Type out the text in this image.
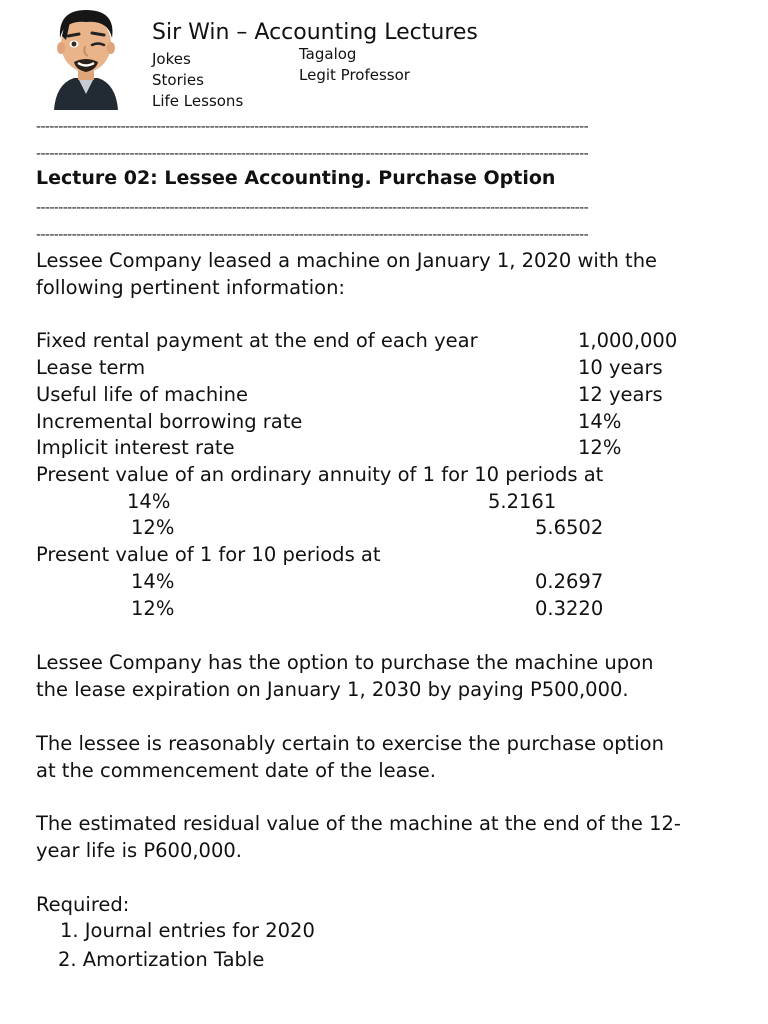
Sir Win – Accounting Lectures
Jokes
Stories
Life Lessons
Tagalog
Legit Professor
----------------------------------------------------------------------------------------------------------------------------
----------------------------------------------------------------------------------------------------------------------------
Lecture 02: Lessee Accounting. Purchase Option
----------------------------------------------------------------------------------------------------------------------------
----------------------------------------------------------------------------------------------------------------------------
Lessee Company leased a machine on January 1, 2020 with the
following pertinent information:
Fixed rental payment at the end of each year	1,000,000
Lease term	10 years
Useful life of machine	12 years
Incremental borrowing rate	14%
Implicit interest rate	12%
Present value of an ordinary annuity of 1 for 10 periods at
14%	5.2161
12%	5.6502
Present value of 1 for 10 periods at
14%	0.2697
12%	0.3220
Lessee Company has the option to purchase the machine upon
the lease expiration on January 1, 2030 by paying P500,000.
The lessee is reasonably certain to exercise the purchase option
at the commencement date of the lease.
The estimated residual value of the machine at the end of the 12-
year life is P600,000.
Required:
1. Journal entries for 2020
2. Amortization Table
